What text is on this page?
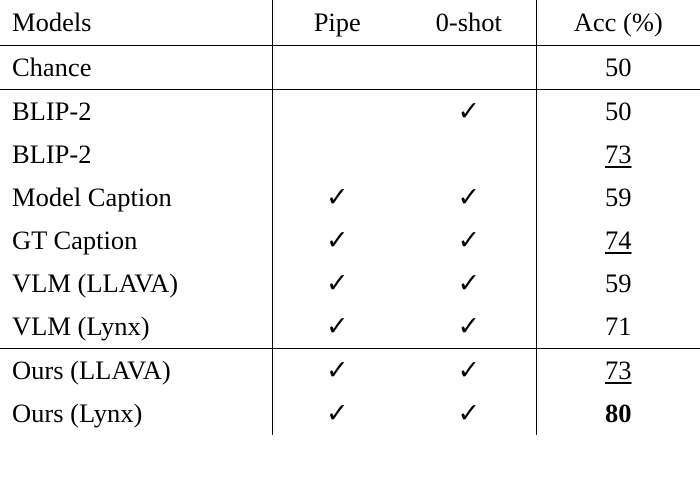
Models	Pipe	0-shot	Acc (%)

Chance			50

BLIP-2		✓	50

BLIP-2			73

Model Caption	✓	✓	59

GT Caption	✓	✓	74

VLM (LLAVA)	✓	✓	59

VLM (Lynx)	✓	✓	71

Ours (LLAVA)	✓	✓	73

Ours (Lynx)	✓	✓	80
